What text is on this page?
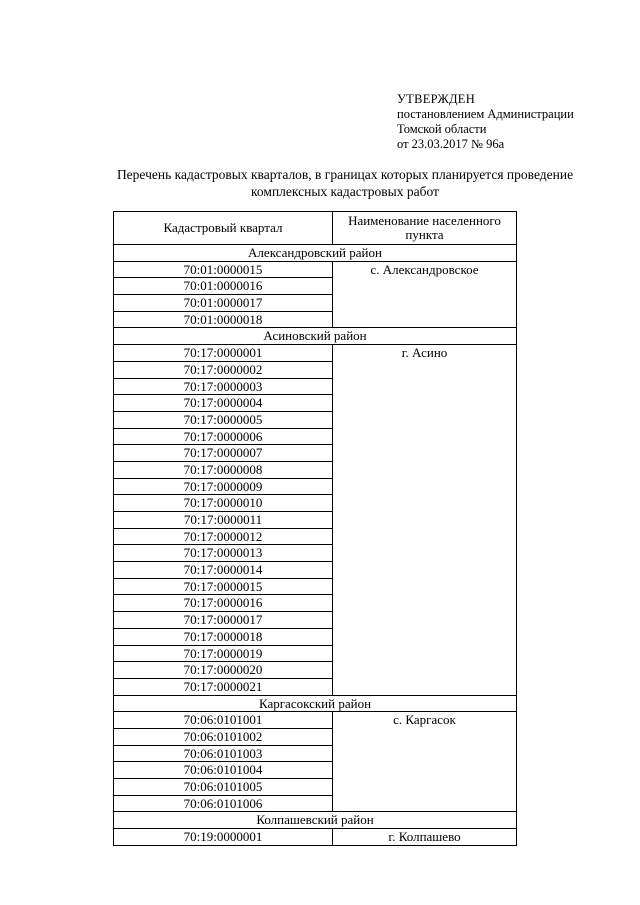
УТВЕРЖДЕН
постановлением Администрации
Томской области
от 23.03.2017 № 96а
Перечень кадастровых кварталов, в границах которых планируется проведение
комплексных кадастровых работ
Кадастровый квартал	Наименование населенного пункта
Александровский район	
70:01:0000015	с. Александровское
70:01:0000016	
70:01:0000017	
70:01:0000018	
Асиновский район	
70:17:0000001	г. Асино
70:17:0000002	
70:17:0000003	
70:17:0000004	
70:17:0000005	
70:17:0000006	
70:17:0000007	
70:17:0000008	
70:17:0000009	
70:17:0000010	
70:17:0000011	
70:17:0000012	
70:17:0000013	
70:17:0000014	
70:17:0000015	
70:17:0000016	
70:17:0000017	
70:17:0000018	
70:17:0000019	
70:17:0000020	
70:17:0000021	
Каргасокский район	
70:06:0101001	с. Каргасок
70:06:0101002	
70:06:0101003	
70:06:0101004	
70:06:0101005	
70:06:0101006	
Колпашевский район	
70:19:0000001	г. Колпашево
